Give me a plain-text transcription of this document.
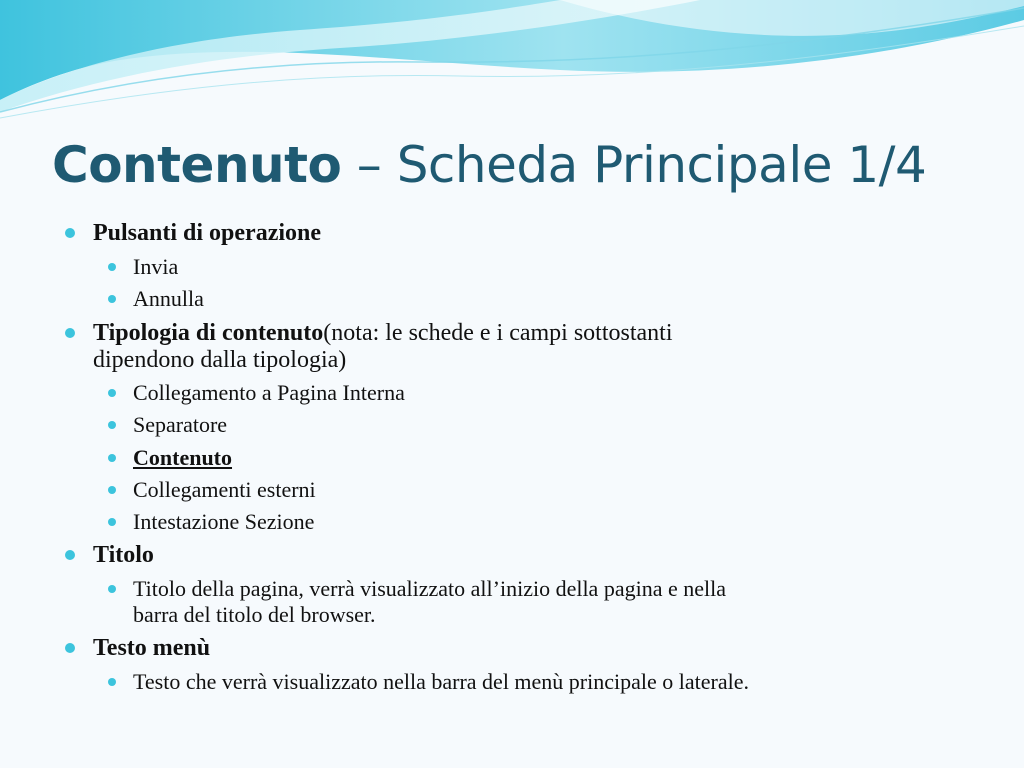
Contenuto – Scheda Principale 1/4

Pulsanti di operazione

Invia

Annulla

Tipologia di contenuto(nota: le schede e i campi sottostanti

dipendono dalla tipologia)

Collegamento a Pagina Interna

Separatore

Contenuto

Collegamenti esterni

Intestazione Sezione

Titolo

Titolo della pagina, verrà visualizzato all’inizio della pagina e nella

barra del titolo del browser.

Testo menù

Testo che verrà visualizzato nella barra del menù principale o laterale.
